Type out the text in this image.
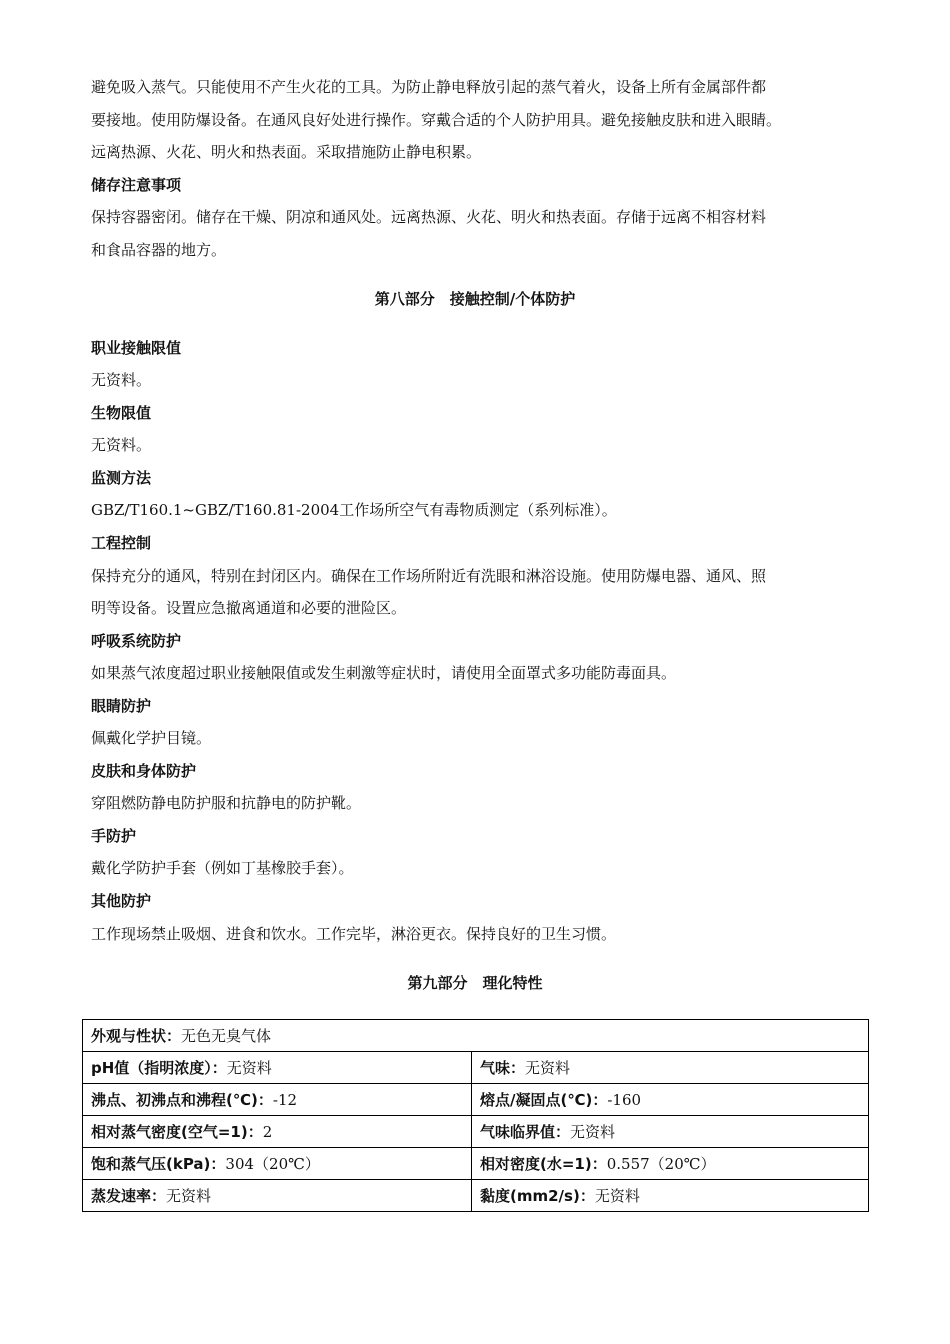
避免吸入蒸气。只能使用不产生火花的工具。为防止静电释放引起的蒸气着火，设备上所有金属部件都
要接地。使用防爆设备。在通风良好处进行操作。穿戴合适的个人防护用具。避免接触皮肤和进入眼睛。
远离热源、火花、明火和热表面。采取措施防止静电积累。
储存注意事项
保持容器密闭。储存在干燥、阴凉和通风处。远离热源、火花、明火和热表面。存储于远离不相容材料
和食品容器的地方。
第八部分　接触控制/个体防护
职业接触限值
无资料。
生物限值
无资料。
监测方法
GBZ/T160.1~GBZ/T160.81-2004工作场所空气有毒物质测定（系列标准）。
工程控制
保持充分的通风，特别在封闭区内。确保在工作场所附近有洗眼和淋浴设施。使用防爆电器、通风、照
明等设备。设置应急撤离通道和必要的泄险区。
呼吸系统防护
如果蒸气浓度超过职业接触限值或发生刺激等症状时，请使用全面罩式多功能防毒面具。
眼睛防护
佩戴化学护目镜。
皮肤和身体防护
穿阻燃防静电防护服和抗静电的防护靴。
手防护
戴化学防护手套（例如丁基橡胶手套）。
其他防护
工作现场禁止吸烟、进食和饮水。工作完毕，淋浴更衣。保持良好的卫生习惯。
第九部分　理化特性
外观与性状：无色无臭气体	
pH值（指明浓度）：无资料	气味：无资料
沸点、初沸点和沸程(℃)：-12	熔点/凝固点(℃)：-160
相对蒸气密度(空气=1)：2	气味临界值：无资料
饱和蒸气压(kPa)：304（20℃）	相对密度(水=1)：0.557（20℃）
蒸发速率：无资料	黏度(mm2/s)：无资料
